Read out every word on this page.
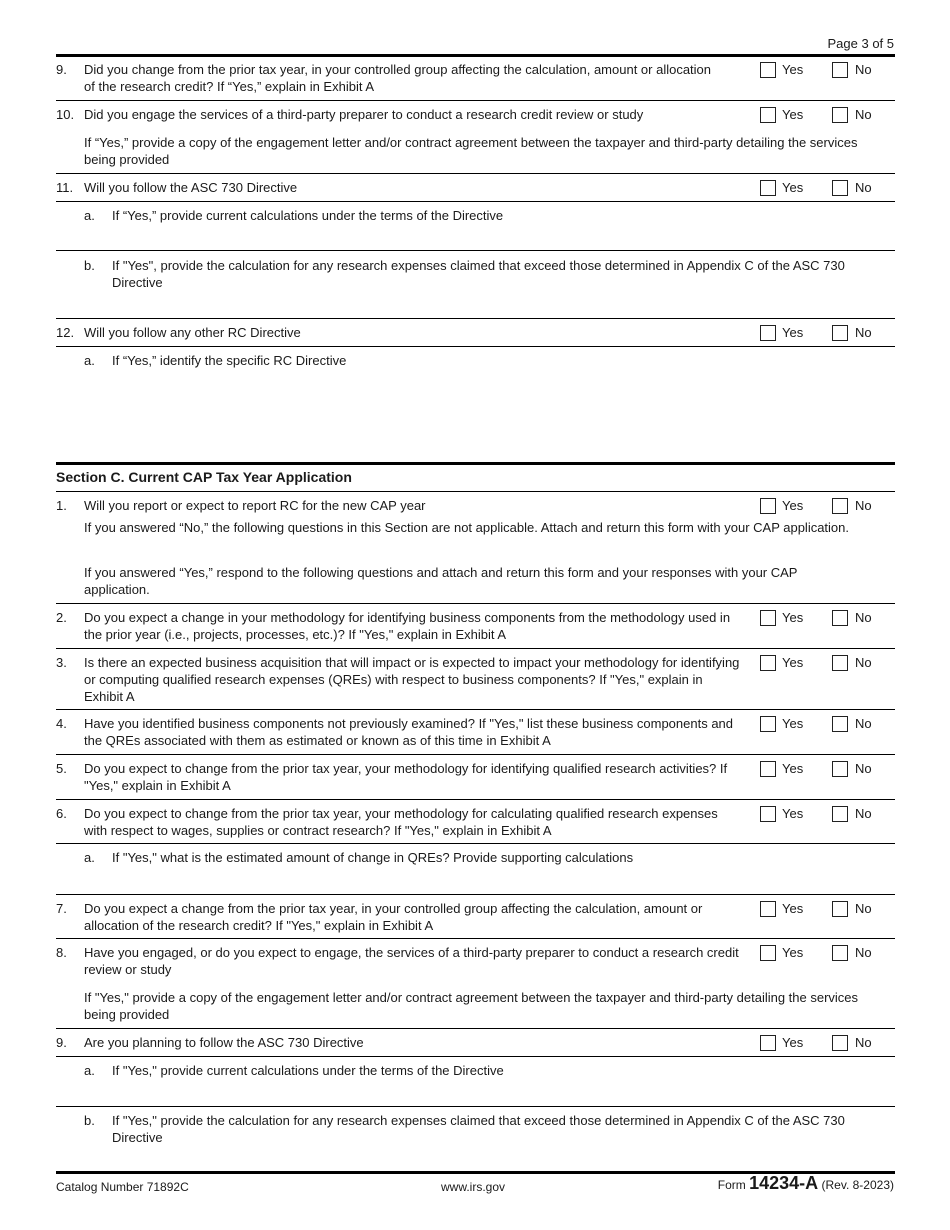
Page 3 of 5
9. Did you change from the prior tax year, in your controlled group affecting the calculation, amount or allocation of the research credit? If “Yes,” explain in Exhibit A
Yes	No
10. Did you engage the services of a third-party preparer to conduct a research credit review or study	Yes	No
If “Yes,” provide a copy of the engagement letter and/or contract agreement between the taxpayer and third-party detailing the services being provided
11. Will you follow the ASC 730 Directive	Yes	No
a. If “Yes,” provide current calculations under the terms of the Directive
b. If "Yes", provide the calculation for any research expenses claimed that exceed those determined in Appendix C of the ASC 730 Directive
12. Will you follow any other RC Directive	Yes	No
a. If “Yes,” identify the specific RC Directive
Section C. Current CAP Tax Year Application
1. Will you report or expect to report RC for the new CAP year	Yes	No
If you answered “No,” the following questions in this Section are not applicable. Attach and return this form with your CAP application.
If you answered “Yes,” respond to the following questions and attach and return this form and your responses with your CAP application.
2. Do you expect a change in your methodology for identifying business components from the methodology used in the prior year (i.e., projects, processes, etc.)? If "Yes," explain in Exhibit A
Yes	No
3. Is there an expected business acquisition that will impact or is expected to impact your methodology for identifying or computing qualified research expenses (QREs) with respect to business components? If "Yes," explain in Exhibit A
Yes	No
4. Have you identified business components not previously examined? If "Yes," list these business components and the QREs associated with them as estimated or known as of this time in Exhibit A
Yes	No
5. Do you expect to change from the prior tax year, your methodology for identifying qualified research activities? If "Yes," explain in Exhibit A
Yes	No
6. Do you expect to change from the prior tax year, your methodology for calculating qualified research expenses with respect to wages, supplies or contract research? If "Yes," explain in Exhibit A
Yes	No
a. If "Yes," what is the estimated amount of change in QREs? Provide supporting calculations
7. Do you expect a change from the prior tax year, in your controlled group affecting the calculation, amount or allocation of the research credit? If "Yes," explain in Exhibit A
Yes	No
8. Have you engaged, or do you expect to engage, the services of a third-party preparer to conduct a research credit review or study
Yes	No
If "Yes," provide a copy of the engagement letter and/or contract agreement between the taxpayer and third-party detailing the services being provided
9. Are you planning to follow the ASC 730 Directive	Yes	No
a. If "Yes," provide current calculations under the terms of the Directive
b. If "Yes," provide the calculation for any research expenses claimed that exceed those determined in Appendix C of the ASC 730 Directive
Catalog Number 71892C	www.irs.gov	Form 14234-A (Rev. 8-2023)
